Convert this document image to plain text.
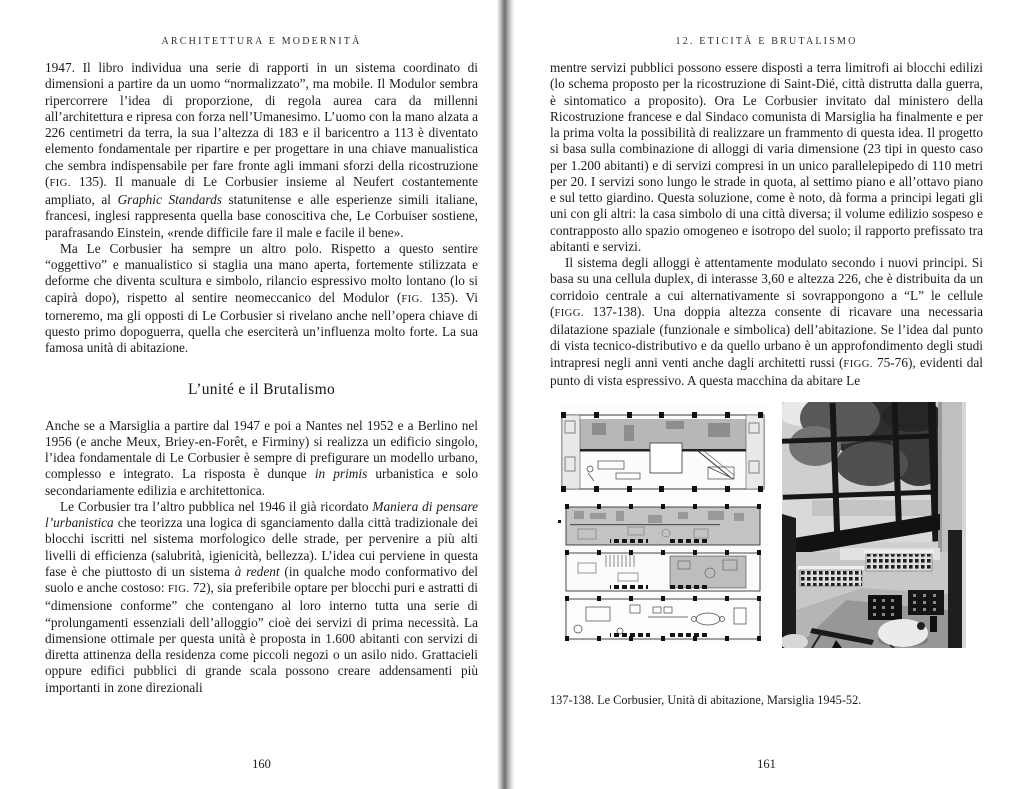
ARCHITETTURA E MODERNITÀ

1947. Il libro individua una serie di rapporti in un sistema coordinato di dimensioni a partire da un uomo “normalizzato”, ma mobile. Il Modulor sembra ripercorrere l’idea di proporzione, di regola aurea cara da millenni all’architettura e ripresa con forza nell’Umanesimo. L’uomo con la mano alzata a 226 centimetri da terra, la sua l’altezza di 183 e il baricentro a 113 è diventato elemento fondamentale per ripartire e per progettare in una chiave manualistica che sembra indispensabile per fare fronte agli immani sforzi della ricostruzione (FIG. 135). Il manuale di Le Corbusier insieme al Neufert costantemente ampliato, al Graphic Standards statunitense e alle esperienze simili italiane, francesi, inglesi rappresenta quella base conoscitiva che, Le Corbuiser sostiene, parafrasando Einstein, «rende difficile fare il male e facile il bene».

Ma Le Corbusier ha sempre un altro polo. Rispetto a questo sentire “oggettivo” e manualistico si staglia una mano aperta, fortemente stilizzata e deforme che diventa scultura e simbolo, rilancio espressivo molto lontano (lo si capirà dopo), rispetto al sentire neomeccanico del Modulor (FIG. 135). Vi torneremo, ma gli opposti di Le Corbusier si rivelano anche nell’opera chiave di questo primo dopoguerra, quella che eserciterà un’influenza molto forte. La sua famosa unità di abitazione.

L’unité e il Brutalismo

Anche se a Marsiglia a partire dal 1947 e poi a Nantes nel 1952 e a Berlino nel 1956 (e anche Meux, Briey-en-Forêt, e Firminy) si realizza un edificio singolo, l’idea fondamentale di Le Corbusier è sempre di prefigurare un modello urbano, complesso e integrato. La risposta è dunque in primis urbanistica e solo secondariamente edilizia e architettonica.

Le Corbusier tra l’altro pubblica nel 1946 il già ricordato Maniera di pensare l’urbanistica che teorizza una logica di sganciamento dalla città tradizionale dei blocchi iscritti nel sistema morfologico delle strade, per pervenire a più alti livelli di efficienza (salubrità, igienicità, bellezza). L’idea cui perviene in questa fase è che piuttosto di un sistema à redent (in qualche modo conformativo del suolo e anche costoso: FIG. 72), sia preferibile optare per blocchi puri e astratti di “dimensione conforme” che contengano al loro interno tutta una serie di “prolungamenti essenziali dell’alloggio” cioè dei servizi di prima necessità. La dimensione ottimale per questa unità è proposta in 1.600 abitanti con servizi di diretta attinenza della residenza come piccoli negozi o un asilo nido. Grattacieli oppure edifici pubblici di grande scala possono creare addensamenti più importanti in zone direzionali

160
12. ETICITÀ E BRUTALISMO

mentre servizi pubblici possono essere disposti a terra limitrofi ai blocchi edilizi (lo schema proposto per la ricostruzione di Saint-Dié, città distrutta dalla guerra, è sintomatico a proposito). Ora Le Corbusier invitato dal ministero della Ricostruzione francese e dal Sindaco comunista di Marsiglia ha finalmente e per la prima volta la possibilità di realizzare un frammento di questa idea. Il progetto si basa sulla combinazione di alloggi di varia dimensione (23 tipi in questo caso per 1.200 abitanti) e di servizi compresi in un unico parallelepipedo di 110 metri per 20. I servizi sono lungo le strade in quota, al settimo piano e all’ottavo piano e sul tetto giardino. Questa soluzione, come è noto, dà forma a principi legati gli uni con gli altri: la casa simbolo di una città diversa; il volume edilizio sospeso e contrapposto allo spazio omogeneo e isotropo del suolo; il rapporto prefissato tra abitanti e servizi.

Il sistema degli alloggi è attentamente modulato secondo i nuovi principi. Si basa su una cellula duplex, di interasse 3,60 e altezza 226, che è distribuita da un corridoio centrale a cui alternativamente si sovrappongono a “L” le cellule (FIGG. 137-138). Una doppia altezza consente di ricavare una necessaria dilatazione spaziale (funzionale e simbolica) dell’abitazione. Se l’idea dal punto di vista tecnico-distributivo e da quello urbano è un approfondimento degli studi intrapresi negli anni venti anche dagli architetti russi (FIGG. 75-76), evidenti dal punto di vista espressivo. A questa macchina da abitare Le

137-138. Le Corbusier, Unità di abitazione, Marsiglia 1945-52.

161
